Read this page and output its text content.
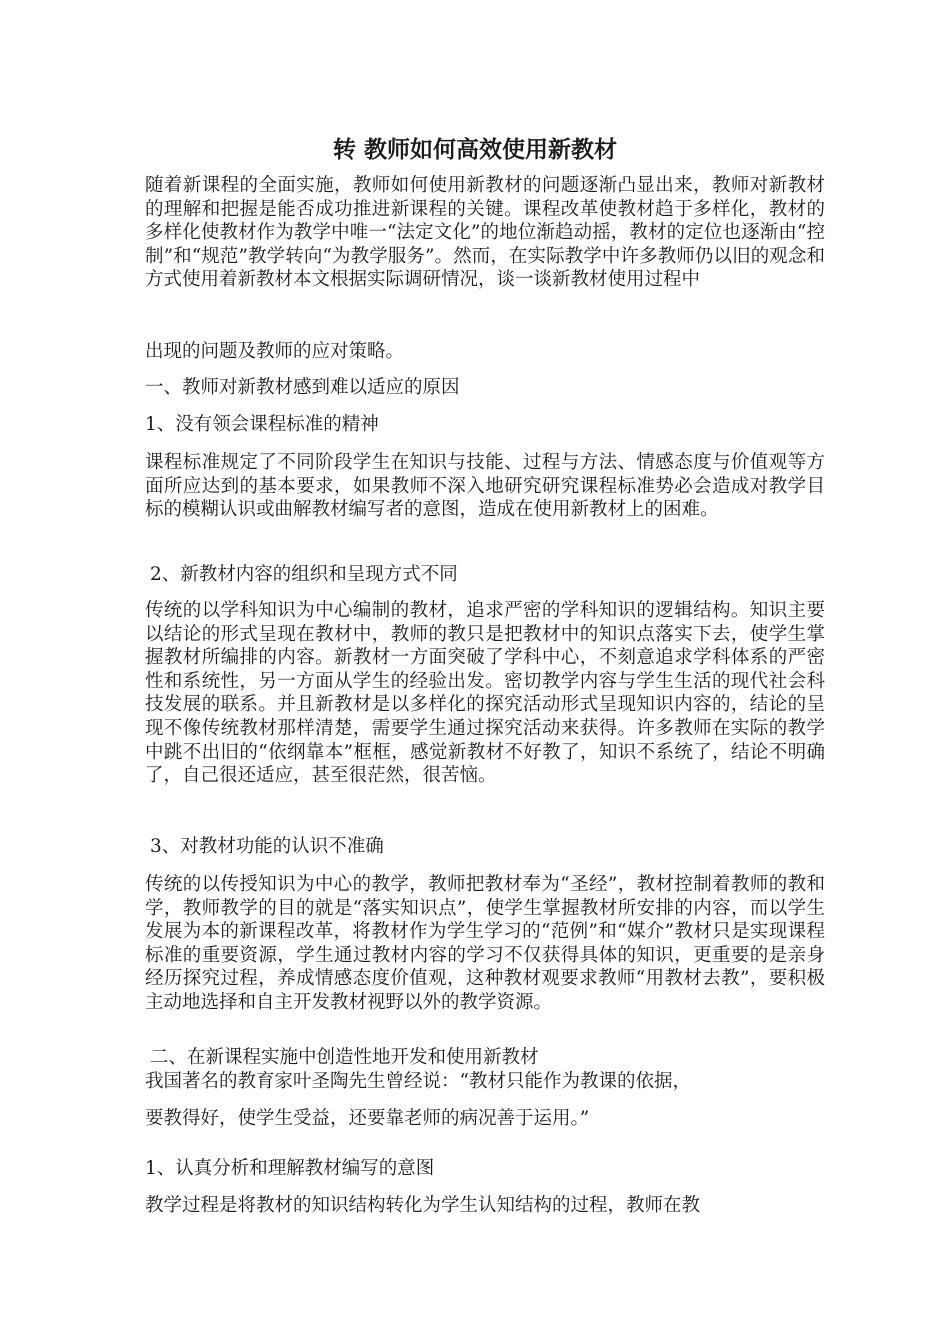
转 教师如何高效使用新教材

随着新课程的全面实施，教师如何使用新教材的问题逐渐凸显出来，教师对新教材的理解和把握是能否成功推进新课程的关键。课程改革使教材趋于多样化，教材的多样化使教材作为教学中唯一“法定文化”的地位渐趋动摇，教材的定位也逐渐由“控制”和“规范”教学转向“为教学服务”。然而，在实际教学中许多教师仍以旧的观念和方式使用着新教材本文根据实际调研情况，谈一谈新教材使用过程中

出现的问题及教师的应对策略。

一、教师对新教材感到难以适应的原因
1、没有领会课程标准的精神

课程标准规定了不同阶段学生在知识与技能、过程与方法、情感态度与价值观等方面所应达到的基本要求，如果教师不深入地研究研究课程标准势必会造成对教学目标的模糊认识或曲解教材编写者的意图，造成在使用新教材上的困难。

2、新教材内容的组织和呈现方式不同

传统的以学科知识为中心编制的教材，追求严密的学科知识的逻辑结构。知识主要以结论的形式呈现在教材中，教师的教只是把教材中的知识点落实下去，使学生掌握教材所编排的内容。新教材一方面突破了学科中心，不刻意追求学科体系的严密性和系统性，另一方面从学生的经验出发。密切教学内容与学生生活的现代社会科技发展的联系。并且新教材是以多样化的探究活动形式呈现知识内容的，结论的呈现不像传统教材那样清楚，需要学生通过探究活动来获得。许多教师在实际的教学中跳不出旧的“依纲靠本”框框，感觉新教材不好教了，知识不系统了，结论不明确了，自己很还适应，甚至很茫然，很苦恼。

3、对教材功能的认识不准确

传统的以传授知识为中心的教学，教师把教材奉为“圣经”，教材控制着教师的教和学，教师教学的目的就是“落实知识点”，使学生掌握教材所安排的内容，而以学生发展为本的新课程改革，将教材作为学生学习的“范例”和“媒介”教材只是实现课程标准的重要资源，学生通过教材内容的学习不仅获得具体的知识，更重要的是亲身经历探究过程，养成情感态度价值观，这种教材观要求教师“用教材去教”，要积极主动地选择和自主开发教材视野以外的教学资源。

二、在新课程实施中创造性地开发和使用新教材

我国著名的教育家叶圣陶先生曾经说：“教材只能作为教课的依据，

要教得好，使学生受益，还要靠老师的病况善于运用。”

1、认真分析和理解教材编写的意图

教学过程是将教材的知识结构转化为学生认知结构的过程，教师在教
